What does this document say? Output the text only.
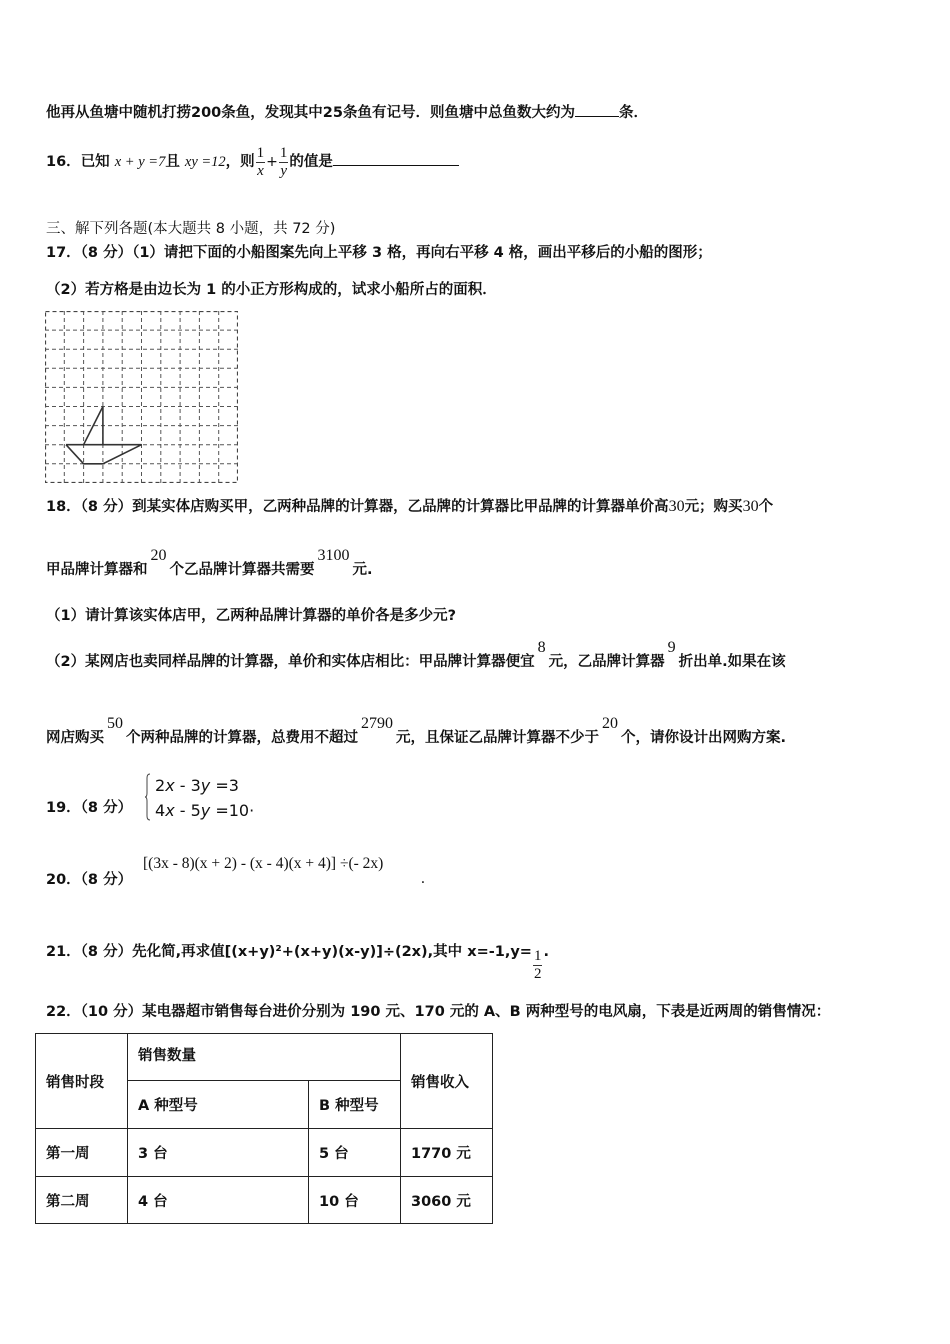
他再从鱼塘中随机打捞200条鱼，发现其中25条鱼有记号．则鱼塘中总鱼数大约为	条．
16．已知 x + y =7且 xy =12，则 $\frac{1}{x} + \frac{1}{y}$ 的值是
三、解下列各题(本大题共 8 小题，共 72 分)
17．（8 分）（1）请把下面的小船图案先向上平移 3 格，再向右平移 4 格，画出平移后的小船的图形；
（2）若方格是由边长为 1 的小正方形构成的，试求小船所占的面积．
18．（8 分）到某实体店购买甲，乙两种品牌的计算器，乙品牌的计算器比甲品牌的计算器单价高30元；购买30个
甲品牌计算器和20个乙品牌计算器共需要3100元.
（1）请计算该实体店甲，乙两种品牌计算器的单价各是多少元?
（2）某网店也卖同样品牌的计算器，单价和实体店相比：甲品牌计算器便宜8元，乙品牌计算器9折出单.如果在该
网店购买50个两种品牌的计算器，总费用不超过2790元，且保证乙品牌计算器不少于20个，请你设计出网购方案.
19．（8 分）
2x - 3y =3
4x - 5y =10·
20．（8 分）
[(3x - 8)(x + 2) - (x - 4)(x + 4)] ÷(- 2x)
.
21．（8 分）先化简,再求值[(x+y)²+(x+y)(x-y)]÷(2x),其中 $x=-1,y= \frac{1}{2}$ .
22．（10 分）某电器超市销售每台进价分别为 190 元、170 元的 A、B 两种型号的电风扇，下表是近两周的销售情况：
销售时段	销售数量		销售收入
	A 种型号	B 种型号	
第一周	3 台	5 台	1770 元
第二周	4 台	10 台	3060 元
